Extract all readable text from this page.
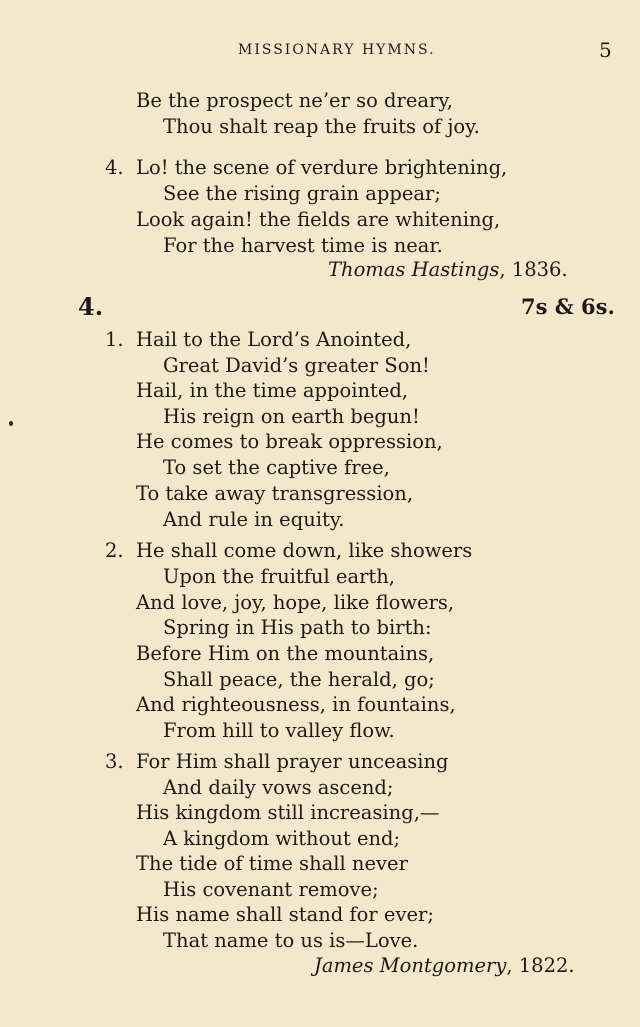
MISSIONARY HYMNS.	5
Be the prospect ne’er so dreary,
Thou shalt reap the fruits of joy.
4. Lo! the scene of verdure brightening,
See the rising grain appear;
Look again! the fields are whitening,
For the harvest time is near.
Thomas Hastings, 1836.
4.	7s & 6s.
1. Hail to the Lord’s Anointed,
Great David’s greater Son!
Hail, in the time appointed,
His reign on earth begun!
He comes to break oppression,
To set the captive free,
To take away transgression,
And rule in equity.
2. He shall come down, like showers
Upon the fruitful earth,
And love, joy, hope, like flowers,
Spring in His path to birth:
Before Him on the mountains,
Shall peace, the herald, go;
And righteousness, in fountains,
From hill to valley flow.
3. For Him shall prayer unceasing
And daily vows ascend;
His kingdom still increasing,—
A kingdom without end;
The tide of time shall never
His covenant remove;
His name shall stand for ever;
That name to us is—Love.
James Montgomery, 1822.
